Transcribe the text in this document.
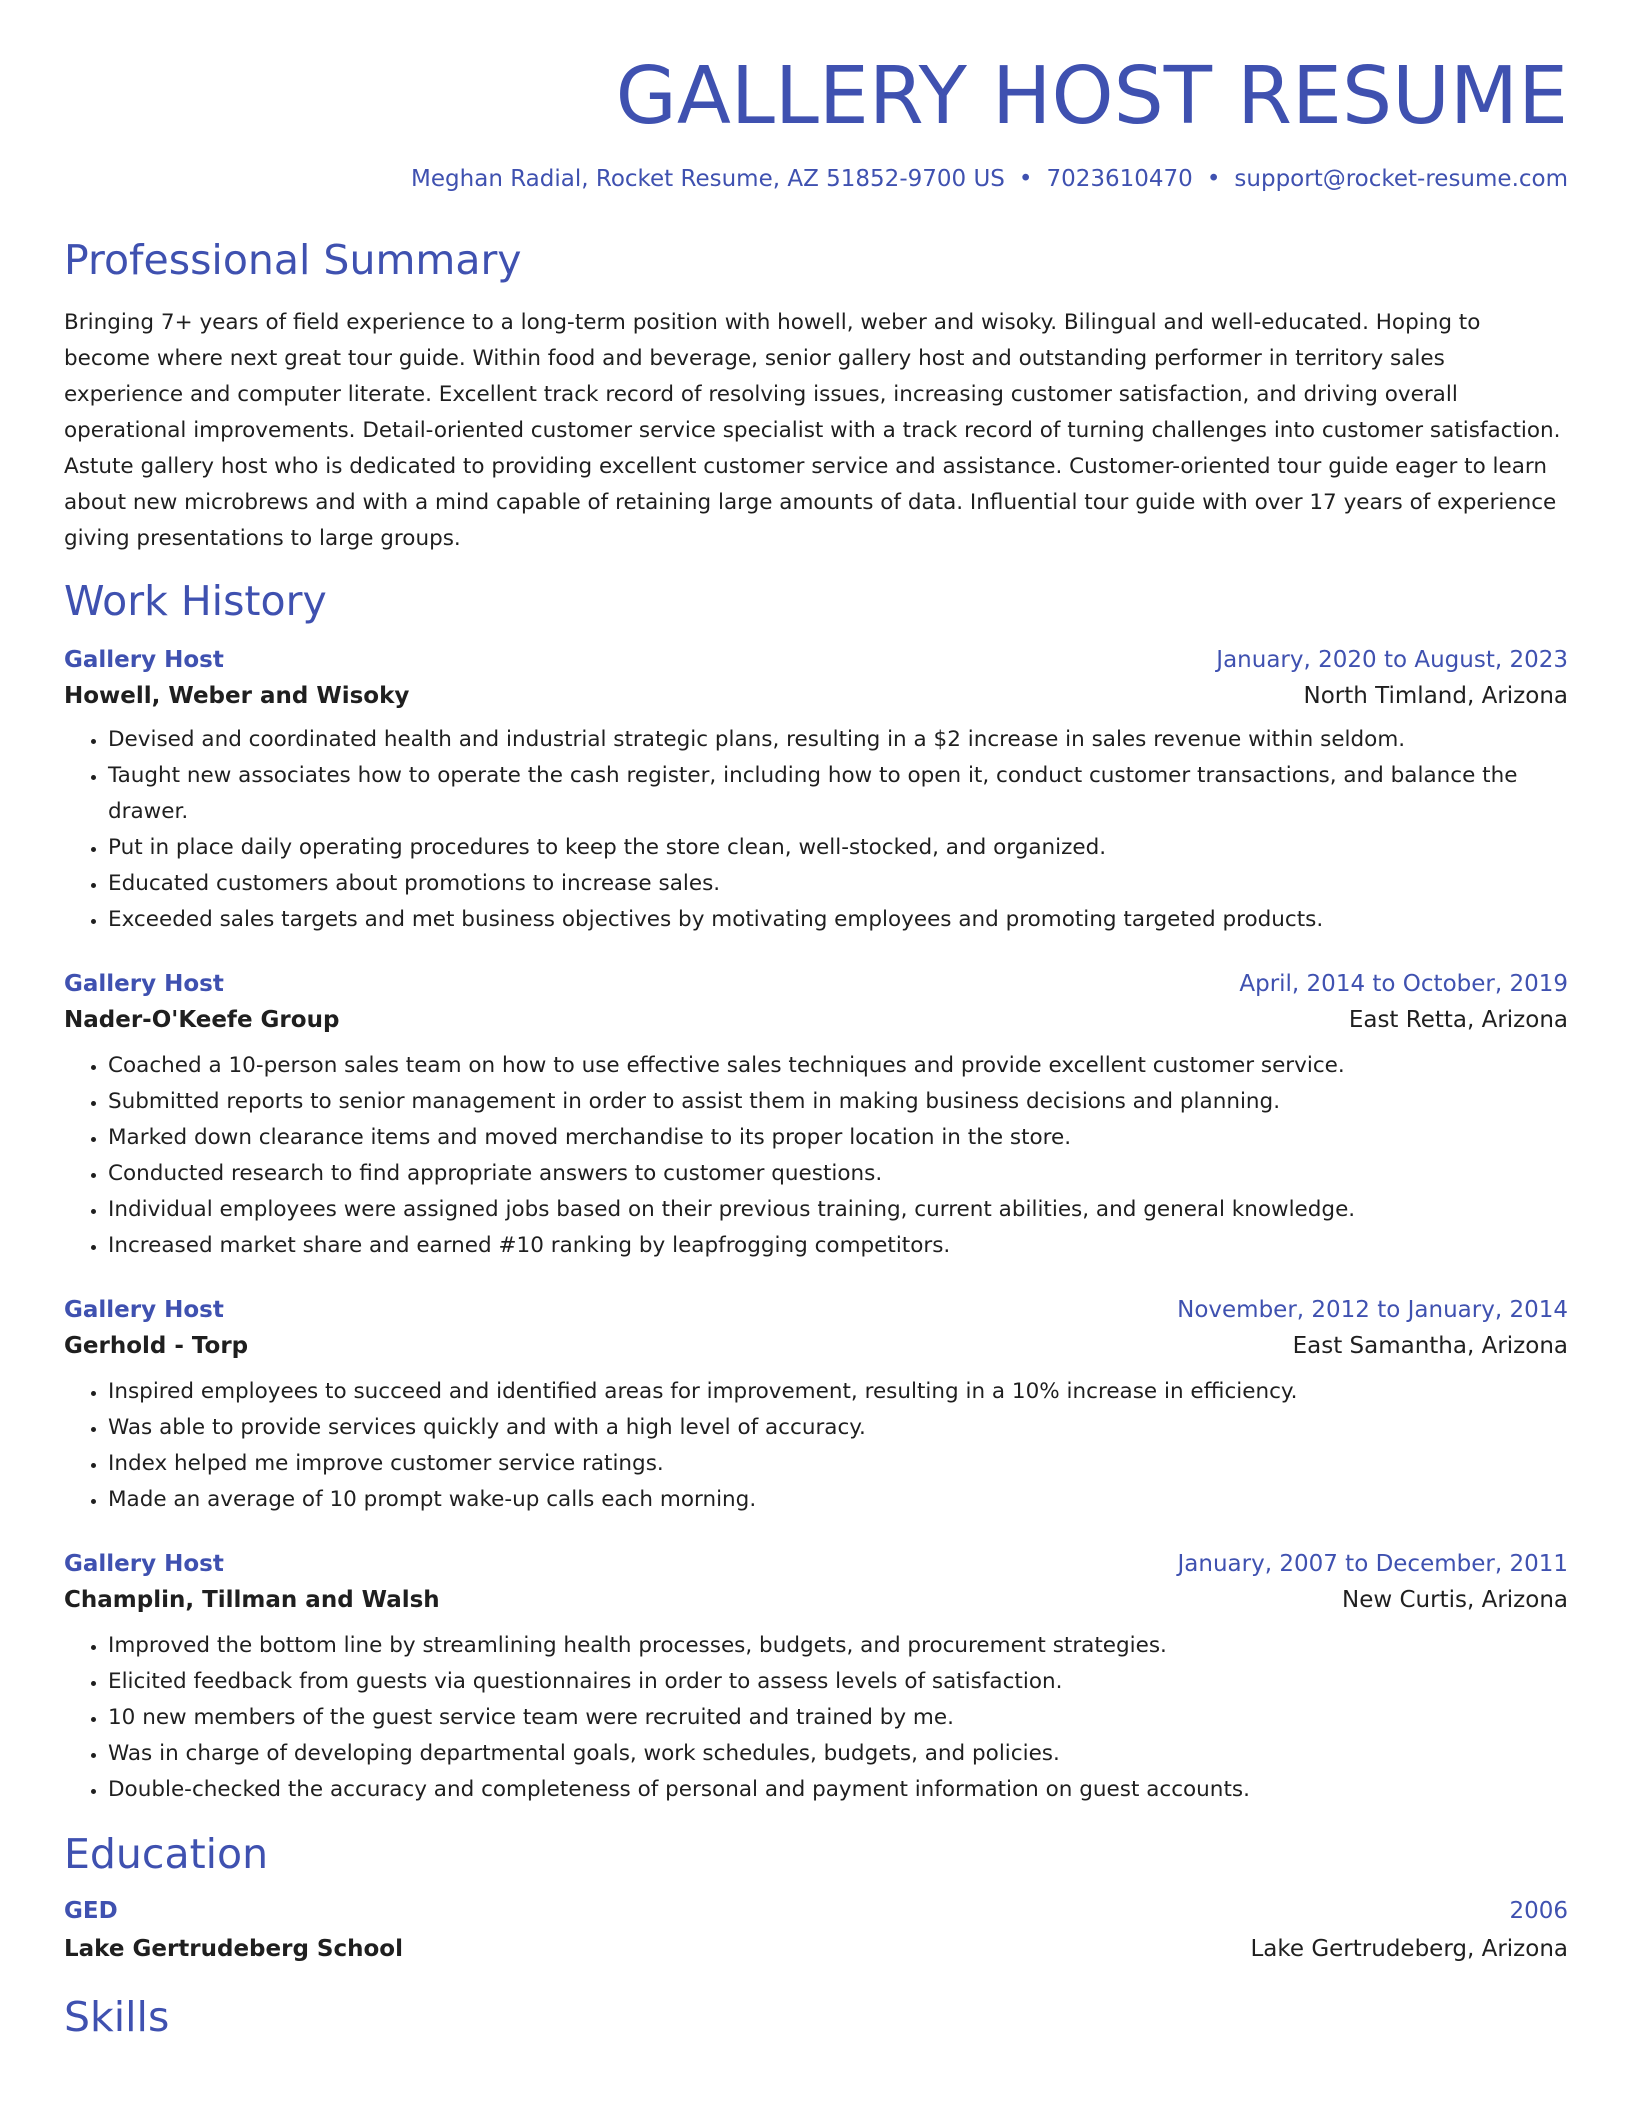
GALLERY HOST RESUME
Meghan Radial, Rocket Resume, AZ 51852-9700 US • 7023610470 • support@rocket-resume.com
Professional Summary

Bringing 7+ years of field experience to a long-term position with howell, weber and wisoky. Bilingual and well-educated. Hoping to become where next great tour guide. Within food and beverage, senior gallery host and outstanding performer in territory sales experience and computer literate. Excellent track record of resolving issues, increasing customer satisfaction, and driving overall operational improvements. Detail-oriented customer service specialist with a track record of turning challenges into customer satisfaction. Astute gallery host who is dedicated to providing excellent customer service and assistance. Customer-oriented tour guide eager to learn about new microbrews and with a mind capable of retaining large amounts of data. Influential tour guide with over 17 years of experience giving presentations to large groups.

Work History
Gallery Host	January, 2020 to August, 2023
Howell, Weber and Wisoky	North Timland, Arizona
• Devised and coordinated health and industrial strategic plans, resulting in a $2 increase in sales revenue within seldom.
• Taught new associates how to operate the cash register, including how to open it, conduct customer transactions, and balance the drawer.
• Put in place daily operating procedures to keep the store clean, well-stocked, and organized.
• Educated customers about promotions to increase sales.
• Exceeded sales targets and met business objectives by motivating employees and promoting targeted products.
Gallery Host	April, 2014 to October, 2019
Nader-O'Keefe Group	East Retta, Arizona
• Coached a 10-person sales team on how to use effective sales techniques and provide excellent customer service.
• Submitted reports to senior management in order to assist them in making business decisions and planning.
• Marked down clearance items and moved merchandise to its proper location in the store.
• Conducted research to find appropriate answers to customer questions.
• Individual employees were assigned jobs based on their previous training, current abilities, and general knowledge.
• Increased market share and earned #10 ranking by leapfrogging competitors.
Gallery Host	November, 2012 to January, 2014
Gerhold - Torp	East Samantha, Arizona
• Inspired employees to succeed and identified areas for improvement, resulting in a 10% increase in efficiency.
• Was able to provide services quickly and with a high level of accuracy.
• Index helped me improve customer service ratings.
• Made an average of 10 prompt wake-up calls each morning.
Gallery Host	January, 2007 to December, 2011
Champlin, Tillman and Walsh	New Curtis, Arizona
• Improved the bottom line by streamlining health processes, budgets, and procurement strategies.
• Elicited feedback from guests via questionnaires in order to assess levels of satisfaction.
• 10 new members of the guest service team were recruited and trained by me.
• Was in charge of developing departmental goals, work schedules, budgets, and policies.
• Double-checked the accuracy and completeness of personal and payment information on guest accounts.
Education
GED	2006
Lake Gertrudeberg School	Lake Gertrudeberg, Arizona
Skills
